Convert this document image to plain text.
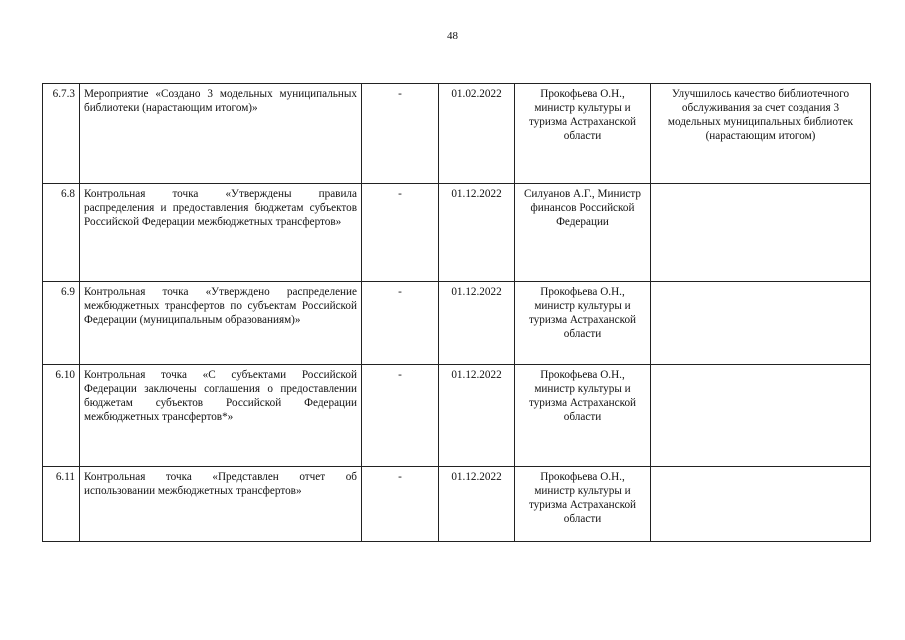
48
6.7.3	Мероприятие «Создано 3 модельных муниципальных библиотеки (нарастающим итогом)»	-	01.02.2022	Прокофьева О.Н., министр культуры и туризма Астраханской области	Улучшилось качество библиотечного обслуживания за счет создания 3 модельных муниципальных библиотек (нарастающим итогом)

6.8	Контрольная точка «Утверждены правила распределения и предоставления бюджетам субъектов Российской Федерации межбюджетных трансфертов»	-	01.12.2022	Силуанов А.Г., Министр финансов Российской Федерации	

6.9	Контрольная точка «Утверждено распределение межбюджетных трансфертов по субъектам Российской Федерации (муниципальным образованиям)»	-	01.12.2022	Прокофьева О.Н., министр культуры и туризма Астраханской области	

6.10	Контрольная точка «С субъектами Российской Федерации заключены соглашения о предоставлении бюджетам субъектов Российской Федерации межбюджетных трансфертов*»	-	01.12.2022	Прокофьева О.Н., министр культуры и туризма Астраханской области	

6.11	Контрольная точка «Представлен отчет об использовании межбюджетных трансфертов»	-	01.12.2022	Прокофьева О.Н., министр культуры и туризма Астраханской области	
